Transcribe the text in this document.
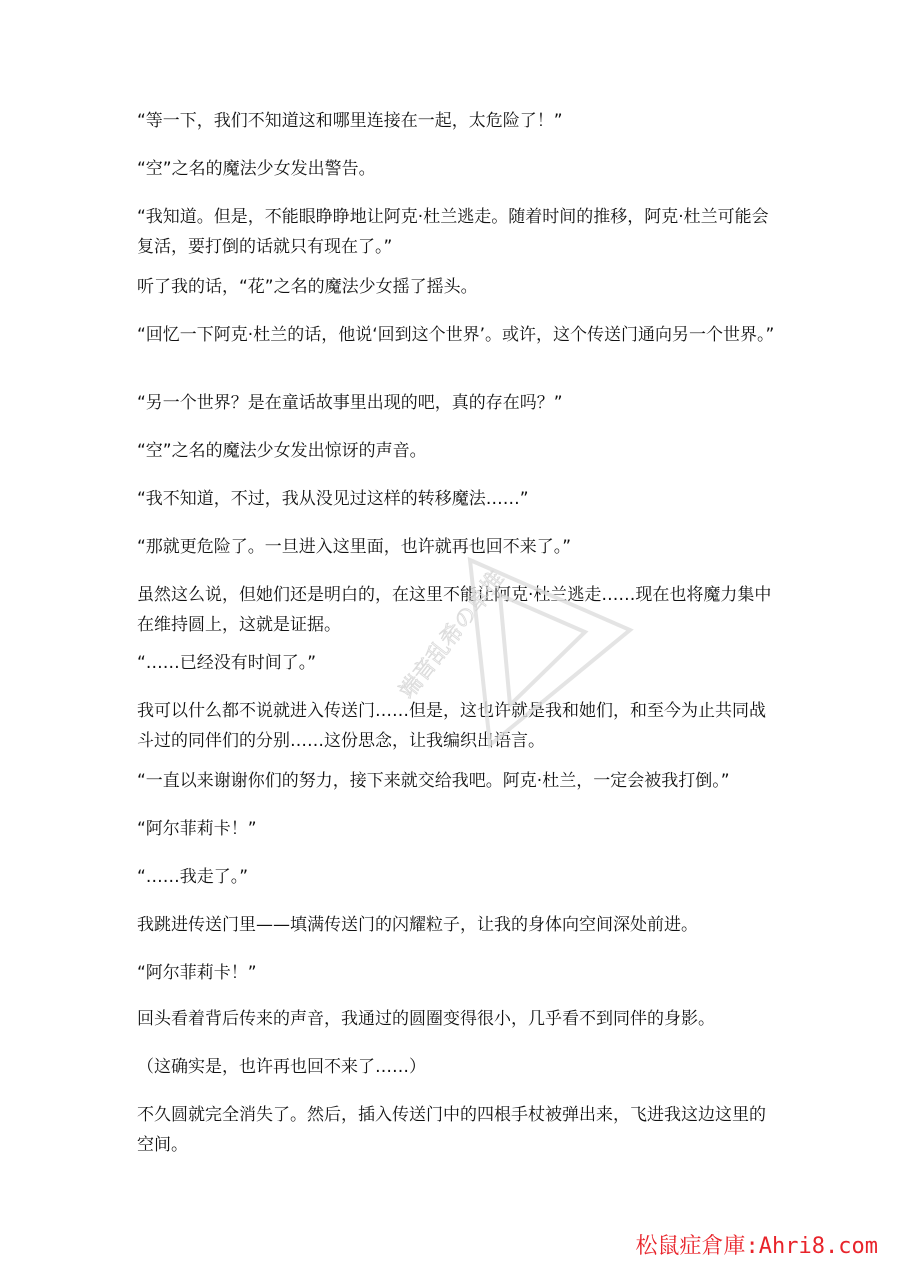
“等一下，我们不知道这和哪里连接在一起，太危险了！”

“空”之名的魔法少女发出警告。

“我知道。但是，不能眼睁睁地让阿克·杜兰逃走。随着时间的推移，阿克·杜兰可能会复活，要打倒的话就只有现在了。”

听了我的话，“花”之名的魔法少女摇了摇头。

“回忆一下阿克·杜兰的话，他说‘回到这个世界’。或许，这个传送门通向另一个世界。”

“另一个世界？是在童话故事里出现的吧，真的存在吗？”

“空”之名的魔法少女发出惊讶的声音。

“我不知道，不过，我从没见过这样的转移魔法……”

“那就更危险了。一旦进入这里面，也许就再也回不来了。”

虽然这么说，但她们还是明白的，在这里不能让阿克·杜兰逃走……现在也将魔力集中在维持圆上，这就是证据。

“……已经没有时间了。”

我可以什么都不说就进入传送门……但是，这也许就是我和她们，和至今为止共同战斗过的同伴们的分别……这份思念，让我编织出语言。

“一直以来谢谢你们的努力，接下来就交给我吧。阿克·杜兰，一定会被我打倒。”

“阿尔菲莉卡！”

“……我走了。”

我跳进传送门里——填满传送门的闪耀粒子，让我的身体向空间深处前进。

“阿尔菲莉卡！”

回头看着背后传来的声音，我通过的圆圈变得很小，几乎看不到同伴的身影。

（这确实是，也许再也回不来了……）

不久圆就完全消失了。然后，插入传送门中的四根手杖被弹出来，飞进我这边这里的空间。

端音乱希の单推
松鼠症倉庫:Ahri8.com
